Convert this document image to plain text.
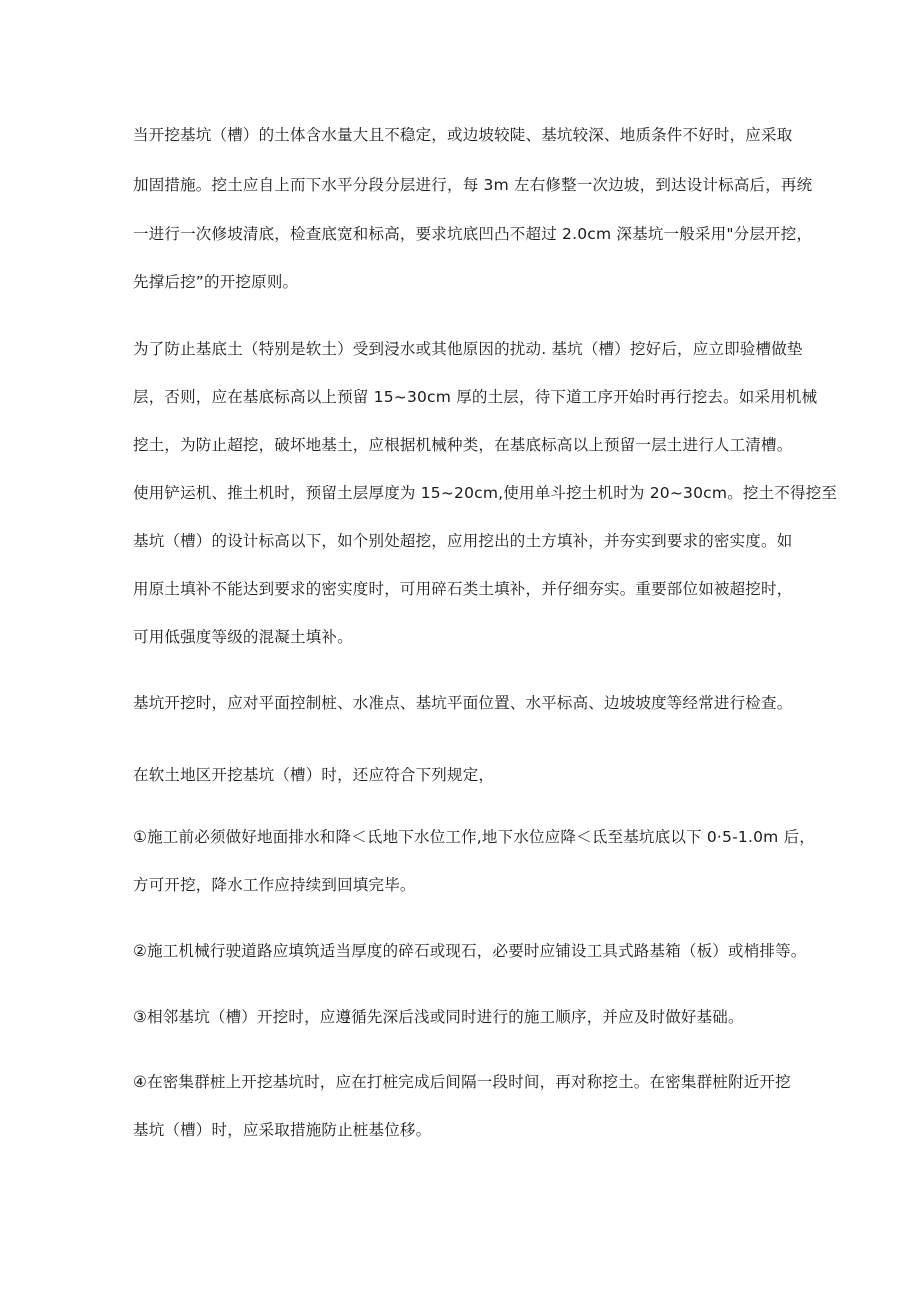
当开挖基坑（槽）的土体含水量大且不稳定，或边坡较陡、基坑较深、地质条件不好时，应采取
加固措施。挖土应自上而下水平分段分层进行，每 3m 左右修整一次边坡，到达设计标高后，再统
一进行一次修坡清底，检查底宽和标高，要求坑底凹凸不超过 2.0cm 深基坑一般采用"分层开挖，
先撑后挖”的开挖原则。
为了防止基底土（特别是软土）受到浸水或其他原因的扰动. 基坑（槽）挖好后，应立即验槽做垫
层，否则，应在基底标高以上预留 15~30cm 厚的土层，待下道工序开始时再行挖去。如采用机械
挖土，为防止超挖，破坏地基土，应根据机械种类，在基底标高以上预留一层土进行人工清槽。
使用铲运机、推土机时，预留土层厚度为 15~20cm,使用单斗挖土机时为 20~30cm。挖土不得挖至
基坑（槽）的设计标高以下，如个别处超挖，应用挖出的土方填补，并夯实到要求的密实度。如
用原土填补不能达到要求的密实度时，可用碎石类土填补，并仔细夯实。重要部位如被超挖时，
可用低强度等级的混凝土填补。
基坑开挖时，应对平面控制桩、水准点、基坑平面位置、水平标高、边坡坡度等经常进行检查。
在软土地区开挖基坑（槽）时，还应符合下列规定，
①施工前必须做好地面排水和降＜氐地下水位工作,地下水位应降＜氐至基坑底以下 0·5-1.0m 后，
方可开挖，降水工作应持续到回填完毕。
②施工机械行驶道路应填筑适当厚度的碎石或现石，必要时应铺设工具式路基箱（板）或梢排等。
③相邻基坑（槽）开挖时，应遵循先深后浅或同时进行的施工顺序，并应及时做好基础。
④在密集群桩上开挖基坑时，应在打桩完成后间隔一段时间，再对称挖土。在密集群桩附近开挖
基坑（槽）时，应采取措施防止桩基位移。
